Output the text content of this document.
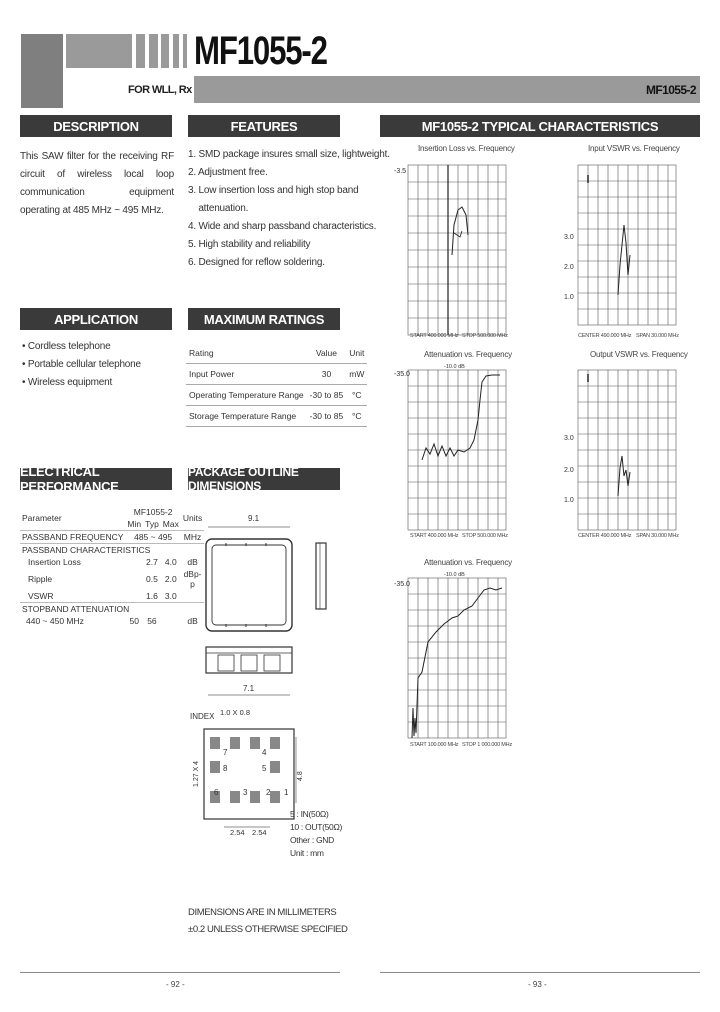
MF1055-2
FOR WLL, Rx	MF1055-2
DESCRIPTION
This SAW filter for the receiving RF circuit of wireless local loop communication equipment operating at 485 MHz ~ 495 MHz.
FEATURES
1. SMD package insures small size, lightweight.
2. Adjustment free.
3. Low insertion loss and high stop band
attenuation.
4. Wide and sharp passband characteristics.
5. High stability and reliability
6. Designed for reflow soldering.
APPLICATION
• Cordless telephone
• Portable cellular telephone
• Wireless equipment
MAXIMUM RATINGS
Rating	Value	Unit
Input Power	30	mW
Operating Temperature Range	-30 to 85	°C
Storage Temperature Range	-30 to 85	°C
ELECTRICAL PERFORMANCE
Parameter	MF1055-2			Units
	Min	Typ	Max	
PASSBAND FREQUENCY	485 ~ 495			MHz
PASSBAND CHARACTERISTICS				
Insertion Loss		2.7	4.0	dB
Ripple		0.5	2.0	dBp-p
VSWR		1.6	3.0	
STOPBAND ATTENUATION				
440 ~ 450 MHz	50	56		dB
PACKAGE OUTLINE DIMENSIONS
9.1
7.1
INDEX 1.0 X 0.8
7	4
8	5
6	2 1
3
1.27 X 4	4.8
2.54 2.54
5 : IN(50Ω)
10 : OUT(50Ω)
Other : GND
Unit : mm
DIMENSIONS ARE IN MILLIMETERS
±0.2 UNLESS OTHERWISE SPECIFIED
MF1055-2 TYPICAL CHARACTERISTICS
Insertion Loss vs. Frequency
-3.5
START 400.000 MHz STOP 500.000 MHz
Input VSWR vs. Frequency
3.0
2.0
1.0
CENTER 490.000 MHz SPAN 30.000 MHz
Attenuation vs. Frequency
-35.0
-10.0 dB
START 400.000 MHz STOP 500.000 MHz
Output VSWR vs. Frequency
3.0
2.0
1.0
CENTER 490.000 MHz SPAN 30.000 MHz
Attenuation vs. Frequency
-35.0
-10.0 dB
START 100.000 MHz STOP 1 000.000 MHz
- 92 -	- 93 -
